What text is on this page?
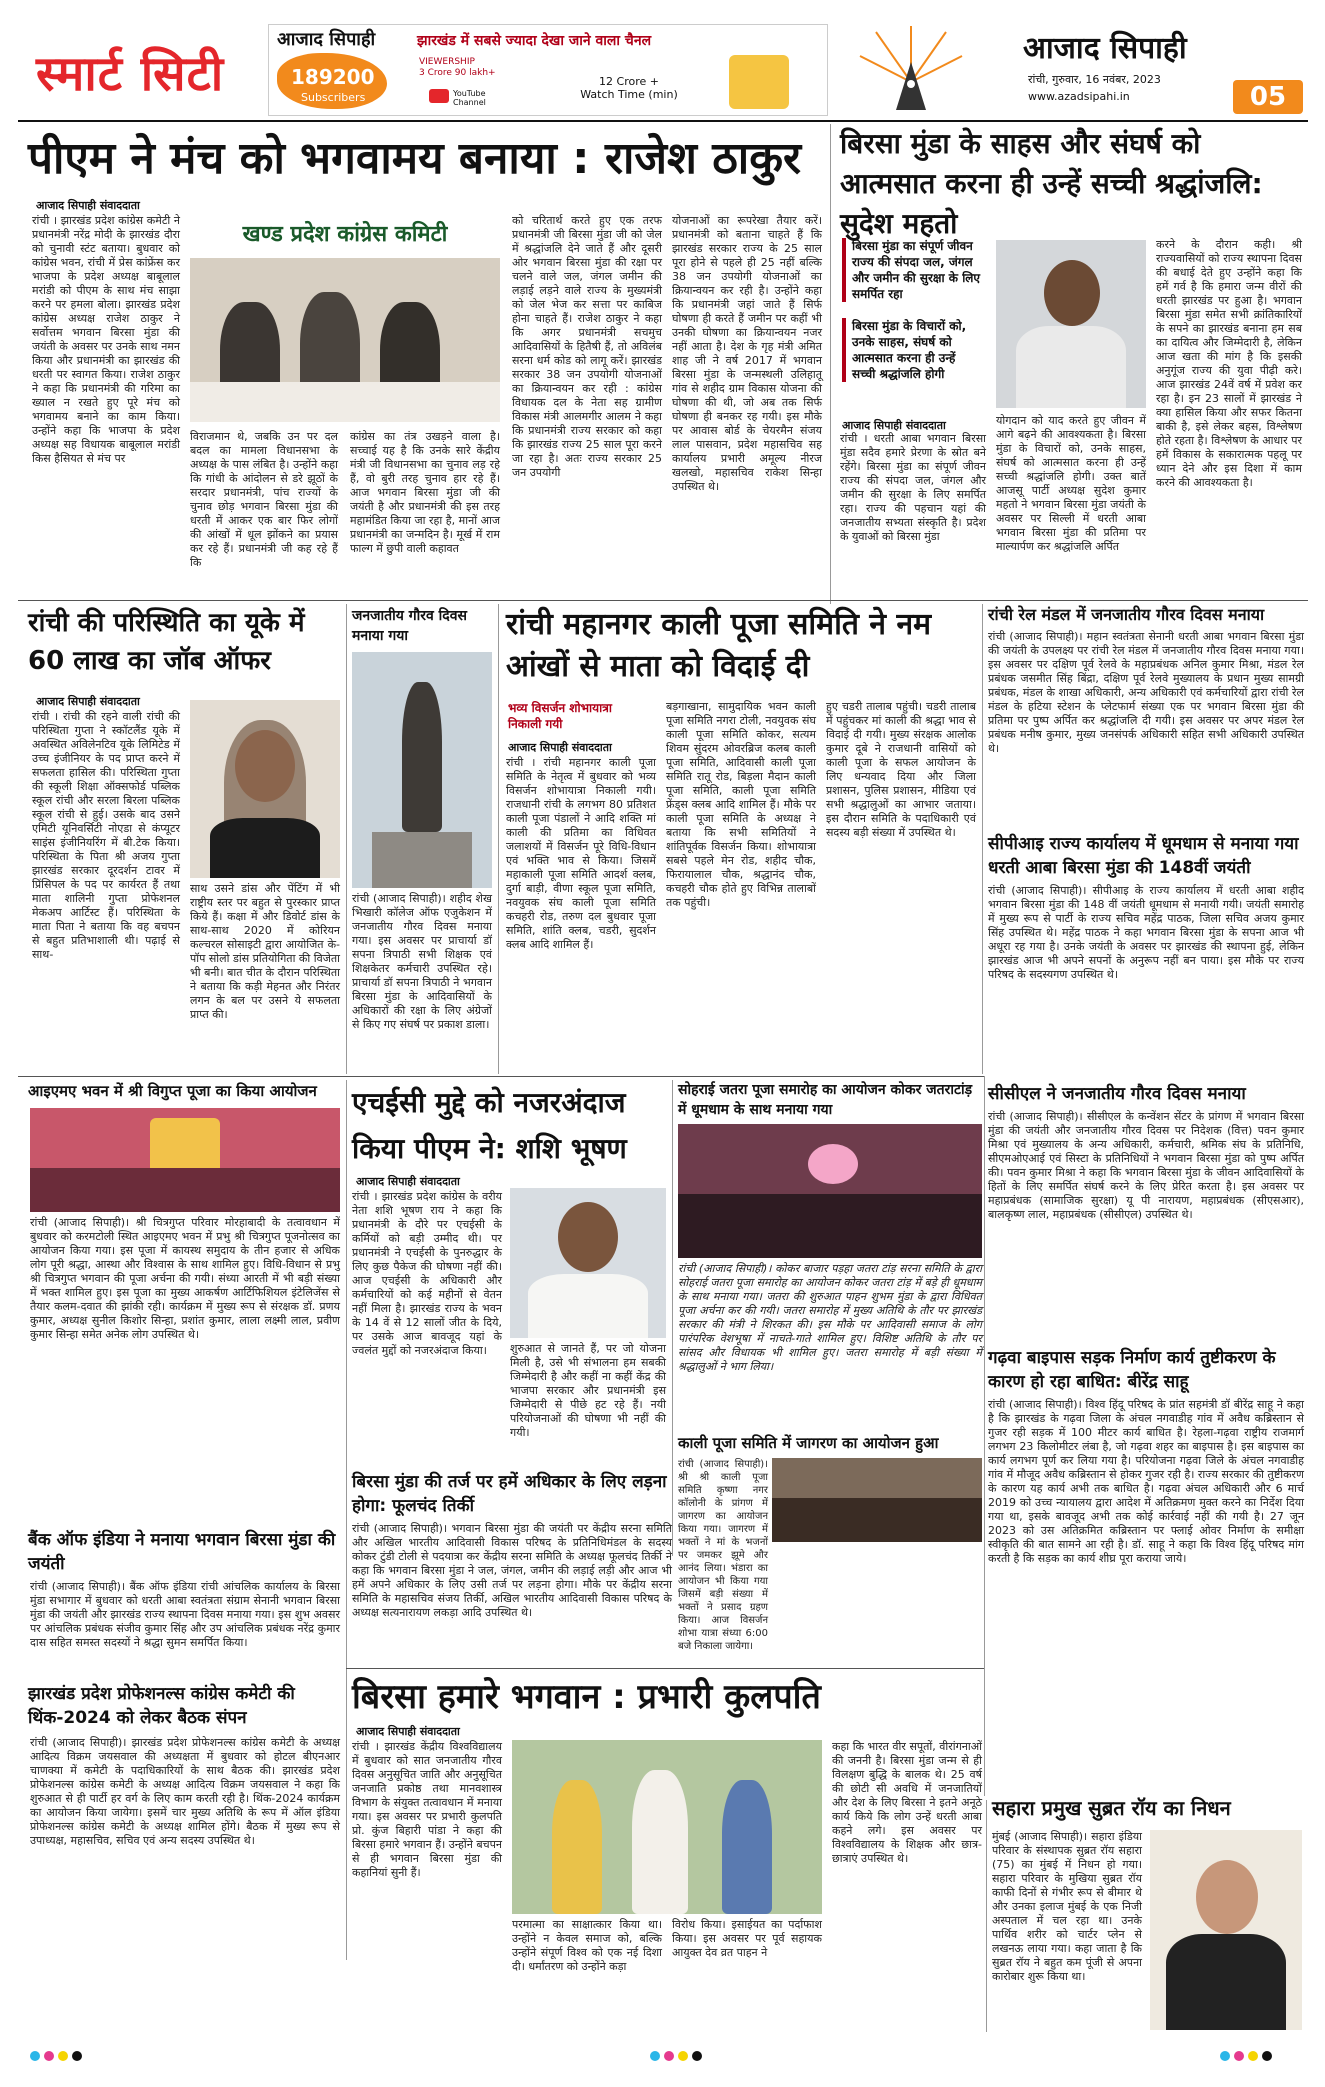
स्मार्ट सिटी
आजाद सिपाही	झारखंड में सबसे ज्यादा देखा जाने वाला चैनल
189200
Subscribers
VIEWERSHIP
3 Crore 90 lakh+
12 Crore +
Watch Time (min)
YouTube Channel
आजाद सिपाही
रांची, गुरुवार, 16 नवंबर, 2023
www.azadsipahi.in	05
पीएम ने मंच को भगवामय बनाया : राजेश ठाकुर
आजाद सिपाही संवाददाता
रांची । झारखंड प्रदेश कांग्रेस कमेटी ने प्रधानमंत्री नरेंद्र मोदी के झारखंड दौरा को चुनावी स्टंट बताया। बुधवार को कांग्रेस भवन, रांची में प्रेस कांफ्रेंस कर भाजपा के प्रदेश अध्यक्ष बाबूलाल मरांडी को पीएम के साथ मंच साझा करने पर हमला बोला। झारखंड प्रदेश कांग्रेस अध्यक्ष राजेश ठाकुर ने सर्वोत्तम भगवान बिरसा मुंडा की जयंती के अवसर पर उनके साथ नमन किया और प्रधानमंत्री का झारखंड की धरती पर स्वागत किया। राजेश ठाकुर ने कहा कि प्रधानमंत्री की गरिमा का ख्याल न रखते हुए पूरे मंच को भगवामय बनाने का काम किया। उन्होंने कहा कि भाजपा के प्रदेश अध्यक्ष सह विधायक बाबूलाल मरांडी किस हैसियत से मंच पर
खण्ड प्रदेश कांग्रेस कमिटी
विराजमान थे, जबकि उन पर दल बदल का मामला विधानसभा के अध्यक्ष के पास लंबित है। उन्होंने कहा कि गांधी के आंदोलन से डरे झूठों के सरदार प्रधानमंत्री, पांच राज्यों के चुनाव छोड़ भगवान बिरसा मुंडा की धरती में आकर एक बार फिर लोगों की आंखों में धूल झोंकने का प्रयास कर रहे हैं। प्रधानमंत्री जी कह रहे हैं कि
कांग्रेस का तंत्र उखड़ने वाला है। सच्चाई यह है कि उनके सारे केंद्रीय मंत्री जी विधानसभा का चुनाव लड़ रहे हैं, वो बुरी तरह चुनाव हार रहे हैं। आज भगवान बिरसा मुंडा जी की जयंती है और प्रधानमंत्री की इस तरह महामंडित किया जा रहा है, मानों आज प्रधानमंत्री का जन्मदिन है। मूर्ख में राम फाल्ग में छुपी वाली कहावत
को चरितार्थ करते हुए एक तरफ प्रधानमंत्री जी बिरसा मुंडा जी को जेल में श्रद्धांजलि देने जाते हैं और दूसरी ओर भगवान बिरसा मुंडा की रक्षा पर चलने वाले जल, जंगल जमीन की लड़ाई लड़ने वाले राज्य के मुख्यमंत्री को जेल भेज कर सत्ता पर काबिज होना चाहते हैं। राजेश ठाकुर ने कहा कि अगर प्रधानमंत्री सचमुच आदिवासियों के हितैषी हैं, तो अविलंब सरना धर्म कोड को लागू करें। झारखंड सरकार 38 जन उपयोगी योजनाओं का क्रियान्वयन कर रही : कांग्रेस विधायक दल के नेता सह ग्रामीण विकास मंत्री आलमगीर आलम ने कहा कि प्रधानमंत्री राज्य सरकार को कहा कि झारखंड राज्य 25 साल पूरा करने जा रहा है। अतः राज्य सरकार 25 जन उपयोगी
योजनाओं का रूपरेखा तैयार करें। प्रधानमंत्री को बताना चाहते हैं कि झारखंड सरकार राज्य के 25 साल पूरा होने से पहले ही 25 नहीं बल्कि 38 जन उपयोगी योजनाओं का क्रियान्वयन कर रही है। उन्होंने कहा कि प्रधानमंत्री जहां जाते हैं सिर्फ घोषणा ही करते हैं जमीन पर कहीं भी उनकी घोषणा का क्रियान्वयन नजर नहीं आता है। देश के गृह मंत्री अमित शाह जी ने वर्ष 2017 में भगवान बिरसा मुंडा के जन्मस्थली उलिहातू गांव से शहीद ग्राम विकास योजना की घोषणा की थी, जो अब तक सिर्फ घोषणा ही बनकर रह गयी। इस मौके पर आवास बोर्ड के चेयरमैन संजय लाल पासवान, प्रदेश महासचिव सह कार्यालय प्रभारी अमूल्य नीरज खलखो, महासचिव राकेश सिन्हा उपस्थित थे।
बिरसा मुंडा के साहस और संघर्ष को आत्मसात करना ही उन्हें सच्ची श्रद्धांजलि: सुदेश महतो
बिरसा मुंडा का संपूर्ण जीवन राज्य की संपदा जल, जंगल और जमीन की सुरक्षा के लिए समर्पित रहा
बिरसा मुंडा के विचारों को, उनके साहस, संघर्ष को आत्मसात करना ही उन्हें सच्ची श्रद्धांजलि होगी
आजाद सिपाही संवाददाता
रांची । धरती आबा भगवान बिरसा मुंडा सदैव हमारे प्रेरणा के स्रोत बने रहेंगे। बिरसा मुंडा का संपूर्ण जीवन राज्य की संपदा जल, जंगल और जमीन की सुरक्षा के लिए समर्पित रहा। राज्य की पहचान यहां की जनजातीय सभ्यता संस्कृति है। प्रदेश के युवाओं को बिरसा मुंडा
योगदान को याद करते हुए जीवन में आगे बढ़ने की आवश्यकता है। बिरसा मुंडा के विचारों को, उनके साहस, संघर्ष को आत्मसात करना ही उन्हें सच्ची श्रद्धांजलि होगी। उक्त बातें आजसू पार्टी अध्यक्ष सुदेश कुमार महतो ने भगवान बिरसा मुंडा जयंती के अवसर पर सिल्ली में धरती आबा भगवान बिरसा मुंडा की प्रतिमा पर माल्यार्पण कर श्रद्धांजलि अर्पित
करने के दौरान कही। श्री राज्यवासियों को राज्य स्थापना दिवस की बधाई देते हुए उन्होंने कहा कि हमें गर्व है कि हमारा जन्म वीरों की धरती झारखंड पर हुआ है। भगवान बिरसा मुंडा समेत सभी क्रांतिकारियों के सपने का झारखंड बनाना हम सब का दायित्व और जिम्मेदारी है, लेकिन आज खता की मांग है कि इसकी अनुगूंज राज्य की युवा पीढ़ी करे। आज झारखंड 24वें वर्ष में प्रवेश कर रहा है। इन 23 सालों में झारखंड ने क्या हासिल किया और सफर कितना बाकी है, इसे लेकर बहस, विश्लेषण होते रहता है। विश्लेषण के आधार पर हमें विकास के सकारात्मक पहलू पर ध्यान देने और इस दिशा में काम करने की आवश्यकता है।
रांची की परिस्थिति का यूके में 60 लाख का जॉब ऑफर
आजाद सिपाही संवाददाता
रांची । रांची की रहने वाली रांची की परिस्थिता गुप्ता ने स्कॉटलैंड यूके में अवस्थित अविलेनटिव यूके लिमिटेड में उच्च इंजीनियर के पद प्राप्त करने में सफलता हासिल की। परिस्थिता गुप्ता की स्कूली शिक्षा ऑक्सफोर्ड पब्लिक स्कूल रांची और सरला बिरला पब्लिक स्कूल रांची से हुई। उसके बाद उसने एमिटी यूनिवर्सिटी नोएडा से कंप्यूटर साइंस इंजीनियरिंग में बी.टेक किया। परिस्थिता के पिता श्री अजय गुप्ता झारखंड सरकार दूरदर्शन टावर में प्रिंसिपल के पद पर कार्यरत हैं तथा माता शालिनी गुप्ता प्रोफेशनल मेकअप आर्टिस्ट हैं। परिस्थिता के माता पिता ने बताया कि वह बचपन से बहुत प्रतिभाशाली थी। पढ़ाई से साथ-
साथ उसने डांस और पेंटिंग में भी राष्ट्रीय स्तर पर बहुत से पुरस्कार प्राप्त किये हैं। कक्षा में और डिवोर्ट डांस के साथ-साथ 2020 में कोरियन कल्चरल सोसाइटी द्वारा आयोजित के-पॉप सोलो डांस प्रतियोगिता की विजेता भी बनी। बात चीत के दौरान परिस्थिता ने बताया कि कड़ी मेहनत और निरंतर लगन के बल पर उसने ये सफलता प्राप्त की।
जनजातीय गौरव दिवस मनाया गया
रांची (आजाद सिपाही)। शहीद शेख भिखारी कॉलेज ऑफ एजुकेशन में जनजातीय गौरव दिवस मनाया गया। इस अवसर पर प्राचार्या डॉ सपना त्रिपाठी सभी शिक्षक एवं शिक्षकेतर कर्मचारी उपस्थित रहे। प्राचार्या डॉ सपना त्रिपाठी ने भगवान बिरसा मुंडा के आदिवासियों के अधिकारों की रक्षा के लिए अंग्रेजों से किए गए संघर्ष पर प्रकाश डाला।
रांची महानगर काली पूजा समिति ने नम आंखों से माता को विदाई दी
भव्य विसर्जन शोभायात्रा निकाली गयी
आजाद सिपाही संवाददाता
रांची । रांची महानगर काली पूजा समिति के नेतृत्व में बुधवार को भव्य विसर्जन शोभायात्रा निकाली गयी। राजधानी रांची के लगभग 80 प्रतिशत काली पूजा पंडालों ने आदि शक्ति मां काली की प्रतिमा का विधिवत जलाशयों में विसर्जन पूरे विधि-विधान एवं भक्ति भाव से किया। जिसमें महाकाली पूजा समिति आदर्श क्लब, दुर्गा बाड़ी, वीणा स्कूल पूजा समिति, नवयुवक संघ काली पूजा समिति कचहरी रोड, तरुण दल बुधवार पूजा समिति, शांति क्लब, चडरी, सुदर्शन क्लब आदि शामिल हैं।
बड़गाखाना, सामुदायिक भवन काली पूजा समिति नगरा टोली, नवयुवक संघ काली पूजा समिति कोकर, सत्यम शिवम सुंदरम ओवरब्रिज कलब काली पूजा समिति, आदिवासी काली पूजा समिति रातू रोड, बिड़ला मैदान काली पूजा समिति, काली पूजा समिति फ्रेंड्स क्लब आदि शामिल हैं। मौके पर काली पूजा समिति के अध्यक्ष ने बताया कि सभी समितियों ने शांतिपूर्वक विसर्जन किया। शोभायात्रा सबसे पहले मेन रोड, शहीद चौक, फिरायालाल चौक, श्रद्धानंद चौक, कचहरी चौक होते हुए विभिन्न तालाबों तक पहुंची।
हुए चडरी तालाब पहुंची। चडरी तालाब में पहुंचकर मां काली की श्रद्धा भाव से विदाई दी गयी। मुख्य संरक्षक आलोक कुमार दूबे ने राजधानी वासियों को काली पूजा के सफल आयोजन के लिए धन्यवाद दिया और जिला प्रशासन, पुलिस प्रशासन, मीडिया एवं सभी श्रद्धालुओं का आभार जताया। इस दौरान समिति के पदाधिकारी एवं सदस्य बड़ी संख्या में उपस्थित थे।
रांची रेल मंडल में जनजातीय गौरव दिवस मनाया
रांची (आजाद सिपाही)। महान स्वतंत्रता सेनानी धरती आबा भगवान बिरसा मुंडा की जयंती के उपलक्ष्य पर रांची रेल मंडल में जनजातीय गौरव दिवस मनाया गया। इस अवसर पर दक्षिण पूर्व रेलवे के महाप्रबंधक अनिल कुमार मिश्रा, मंडल रेल प्रबंधक जसमीत सिंह बिंद्रा, दक्षिण पूर्व रेलवे मुख्यालय के प्रधान मुख्य सामग्री प्रबंधक, मंडल के शाखा अधिकारी, अन्य अधिकारी एवं कर्मचारियों द्वारा रांची रेल मंडल के हटिया स्टेशन के प्लेटफार्म संख्या एक पर भगवान बिरसा मुंडा की प्रतिमा पर पुष्प अर्पित कर श्रद्धांजलि दी गयी। इस अवसर पर अपर मंडल रेल प्रबंधक मनीष कुमार, मुख्य जनसंपर्क अधिकारी सहित सभी अधिकारी उपस्थित थे।
सीपीआइ राज्य कार्यालय में धूमधाम से मनाया गया धरती आबा बिरसा मुंडा की 148वीं जयंती
रांची (आजाद सिपाही)। सीपीआइ के राज्य कार्यालय में धरती आबा शहीद भगवान बिरसा मुंडा की 148 वीं जयंती धूमधाम से मनायी गयी। जयंती समारोह में मुख्य रूप से पार्टी के राज्य सचिव महेंद्र पाठक, जिला सचिव अजय कुमार सिंह उपस्थित थे। महेंद्र पाठक ने कहा भगवान बिरसा मुंडा के सपना आज भी अधूरा रह गया है। उनके जयंती के अवसर पर झारखंड की स्थापना हुई, लेकिन झारखंड आज भी अपने सपनों के अनुरूप नहीं बन पाया। इस मौके पर राज्य परिषद के सदस्यगण उपस्थित थे।
आइएमए भवन में श्री विगुप्त पूजा का किया आयोजन
रांची (आजाद सिपाही)। श्री चित्रगुप्त परिवार मोरहाबादी के तत्वावधान में बुधवार को करमटोली स्थित आइएमए भवन में प्रभु श्री चित्रगुप्त पूजनोत्सव का आयोजन किया गया। इस पूजा में कायस्थ समुदाय के तीन हजार से अधिक लोग पूरी श्रद्धा, आस्था और विश्वास के साथ शामिल हुए। विधि-विधान से प्रभु श्री चित्रगुप्त भगवान की पूजा अर्चना की गयी। संध्या आरती में भी बड़ी संख्या में भक्त शामिल हुए। इस पूजा का मुख्य आकर्षण आर्टिफिशियल इंटेलिजेंस से तैयार कलम-दवात की झांकी रही। कार्यक्रम में मुख्य रूप से संरक्षक डॉ. प्रणय कुमार, अध्यक्ष सुनील किशोर सिन्हा, प्रशांत कुमार, लाला लक्ष्मी लाल, प्रवीण कुमार सिन्हा समेत अनेक लोग उपस्थित थे।
एचईसी मुद्दे को नजरअंदाज किया पीएम ने: शशि भूषण
आजाद सिपाही संवाददाता
रांची । झारखंड प्रदेश कांग्रेस के वरीय नेता शशि भूषण राय ने कहा कि प्रधानमंत्री के दौरे पर एचईसी के कर्मियों को बड़ी उम्मीद थी। पर प्रधानमंत्री ने एचईसी के पुनरुद्धार के लिए कुछ पैकेज की घोषणा नहीं की। आज एचईसी के अधिकारी और कर्मचारियों को कई महीनों से वेतन नहीं मिला है। झारखंड राज्य के भवन के 14 वें से 12 सालों जीत के दिये, पर उसके आज बावजूद यहां के ज्वलंत मुद्दों को नजरअंदाज किया।	शुरुआत से जानते हैं, पर जो योजना मिली है, उसे भी संभालना हम सबकी जिम्मेदारी है और कहीं ना कहीं केंद्र की भाजपा सरकार और प्रधानमंत्री इस जिम्मेदारी से पीछे हट रहे हैं। नयी परियोजनाओं की घोषणा भी नहीं की गयी।
सोहराई जतरा पूजा समारोह का आयोजन कोकर जतराटांड़ में धूमधाम के साथ मनाया गया
रांची (आजाद सिपाही)। कोकर बाजार पड़हा जतरा टांड़ सरना समिति के द्वारा सोहराई जतरा पूजा समारोह का आयोजन कोकर जतरा टांड़ में बड़े ही धूमधाम के साथ मनाया गया। जतरा की शुरुआत पाहन शुभम मुंडा के द्वारा विधिवत पूजा अर्चना कर की गयी। जतरा समारोह में मुख्य अतिथि के तौर पर झारखंड सरकार की मंत्री ने शिरकत की। इस मौके पर आदिवासी समाज के लोग पारंपरिक वेशभूषा में नाचते-गाते शामिल हुए। विशिष्ट अतिथि के तौर पर सांसद और विधायक भी शामिल हुए। जतरा समारोह में बड़ी संख्या में श्रद्धालुओं ने भाग लिया।
काली पूजा समिति में जागरण का आयोजन हुआ
रांची (आजाद सिपाही)। श्री श्री काली पूजा समिति कृष्णा नगर कॉलोनी के प्रांगण में जागरण का आयोजन किया गया। जागरण में भक्तों ने मां के भजनों पर जमकर झूमे और आनंद लिया। भंडारा का आयोजन भी किया गया जिसमें बड़ी संख्या में भक्तों ने प्रसाद ग्रहण किया। आज विसर्जन शोभा यात्रा संध्या 6:00 बजे निकाला जायेगा।
सीसीएल ने जनजातीय गौरव दिवस मनाया
रांची (आजाद सिपाही)। सीसीएल के कन्वेंशन सेंटर के प्रांगण में भगवान बिरसा मुंडा की जयंती और जनजातीय गौरव दिवस पर निदेशक (वित्त) पवन कुमार मिश्रा एवं मुख्यालय के अन्य अधिकारी, कर्मचारी, श्रमिक संघ के प्रतिनिधि, सीएमओएआई एवं सिस्टा के प्रतिनिधियों ने भगवान बिरसा मुंडा को पुष्प अर्पित की। पवन कुमार मिश्रा ने कहा कि भगवान बिरसा मुंडा के जीवन आदिवासियों के हितों के लिए समर्पित संघर्ष करने के लिए प्रेरित करता है। इस अवसर पर महाप्रबंधक (सामाजिक सुरक्षा) यू पी नारायण, महाप्रबंधक (सीएसआर), बालकृष्ण लाल, महाप्रबंधक (सीसीएल) उपस्थित थे।
गढ़वा बाइपास सड़क निर्माण कार्य तुष्टीकरण के कारण हो रहा बाधित: बीरेंद्र साहू
रांची (आजाद सिपाही)। विश्व हिंदू परिषद के प्रांत सहमंत्री डॉ बीरेंद्र साहू ने कहा है कि झारखंड के गढ़वा जिला के अंचल नगवाडीह गांव में अवैध कब्रिस्तान से गुजर रही सड़क में 100 मीटर कार्य बाधित है। रेहला-गढ़वा राष्ट्रीय राजमार्ग लगभग 23 किलोमीटर लंबा है, जो गढ़वा शहर का बाइपास है। इस बाइपास का कार्य लगभग पूर्ण कर लिया गया है। परियोजना गढ़वा जिले के अंचल नगवाडीह गांव में मौजूद अवैध कब्रिस्तान से होकर गुजर रही है। राज्य सरकार की तुष्टीकरण के कारण यह कार्य अभी तक बाधित है। गढ़वा अंचल अधिकारी और 6 मार्च 2019 को उच्च न्यायालय द्वारा आदेश में अतिक्रमण मुक्त करने का निर्देश दिया गया था, इसके बावजूद अभी तक कोई कार्रवाई नहीं की गयी है। 27 जून 2023 को उस अतिक्रमित कब्रिस्तान पर फ्लाई ओवर निर्माण के समीक्षा स्वीकृति की बात सामने आ रही है। डॉ. साहू ने कहा कि विश्व हिंदू परिषद मांग करती है कि सड़क का कार्य शीघ्र पूरा कराया जाये।
बैंक ऑफ इंडिया ने मनाया भगवान बिरसा मुंडा की जयंती
रांची (आजाद सिपाही)। बैंक ऑफ इंडिया रांची आंचलिक कार्यालय के बिरसा मुंडा सभागार में बुधवार को धरती आबा स्वतंत्रता संग्राम सेनानी भगवान बिरसा मुंडा की जयंती और झारखंड राज्य स्थापना दिवस मनाया गया। इस शुभ अवसर पर आंचलिक प्रबंधक संजीव कुमार सिंह और उप आंचलिक प्रबंधक नरेंद्र कुमार दास सहित समस्त सदस्यों ने श्रद्धा सुमन समर्पित किया।
झारखंड प्रदेश प्रोफेशनल्स कांग्रेस कमेटी की थिंक-2024 को लेकर बैठक संपन
रांची (आजाद सिपाही)। झारखंड प्रदेश प्रोफेशनल्स कांग्रेस कमेटी के अध्यक्ष आदित्य विक्रम जयसवाल की अध्यक्षता में बुधवार को होटल बीएनआर चाणक्या में कमेटी के पदाधिकारियों के साथ बैठक की। झारखंड प्रदेश प्रोफेशनल्स कांग्रेस कमेटी के अध्यक्ष आदित्य विक्रम जयसवाल ने कहा कि शुरुआत से ही पार्टी हर वर्ग के लिए काम करती रही है। थिंक-2024 कार्यक्रम का आयोजन किया जायेगा। इसमें चार मुख्य अतिथि के रूप में ऑल इंडिया प्रोफेशनल्स कांग्रेस कमेटी के अध्यक्ष शामिल होंगे। बैठक में मुख्य रूप से उपाध्यक्ष, महासचिव, सचिव एवं अन्य सदस्य उपस्थित थे।
बिरसा मुंडा की तर्ज पर हमें अधिकार के लिए लड़ना होगा: फूलचंद तिर्की
रांची (आजाद सिपाही)। भगवान बिरसा मुंडा की जयंती पर केंद्रीय सरना समिति और अखिल भारतीय आदिवासी विकास परिषद के प्रतिनिधिमंडल के सदस्य कोकर टुंडी टोली से पदयात्रा कर केंद्रीय सरना समिति के अध्यक्ष फूलचंद तिर्की ने कहा कि भगवान बिरसा मुंडा ने जल, जंगल, जमीन की लड़ाई लड़ी और आज भी हमें अपने अधिकार के लिए उसी तर्ज पर लड़ना होगा। मौके पर केंद्रीय सरना समिति के महासचिव संजय तिर्की, अखिल भारतीय आदिवासी विकास परिषद के अध्यक्ष सत्यनारायण लकड़ा आदि उपस्थित थे।
बिरसा हमारे भगवान : प्रभारी कुलपति
आजाद सिपाही संवाददाता
रांची । झारखंड केंद्रीय विश्वविद्यालय में बुधवार को सात जनजातीय गौरव दिवस अनुसूचित जाति और अनुसूचित जनजाति प्रकोष्ठ तथा मानवशास्त्र विभाग के संयुक्त तत्वावधान में मनाया गया। इस अवसर पर प्रभारी कुलपति प्रो. कुंज बिहारी पांडा ने कहा की बिरसा हमारे भगवान हैं। उन्होंने बचपन से ही भगवान बिरसा मुंडा की कहानियां सुनी हैं।
परमात्मा का साक्षात्कार किया था। उन्होंने न केवल समाज को, बल्कि उन्होंने संपूर्ण विश्व को एक नई दिशा दी। धर्मांतरण को उन्होंने कड़ा
विरोध किया। इसाईयत का पर्दाफाश किया। इस अवसर पर पूर्व सहायक आयुक्त देव व्रत पाहन ने
कहा कि भारत वीर सपूतों, वीरांगनाओं की जननी है। बिरसा मुंडा जन्म से ही विलक्षण बुद्धि के बालक थे। 25 वर्ष की छोटी सी अवधि में जनजातियों और देश के लिए बिरसा ने इतने अनूठे कार्य किये कि लोग उन्हें धरती आबा कहने लगे। इस अवसर पर विश्वविद्यालय के शिक्षक और छात्र-छात्राएं उपस्थित थे।
सहारा प्रमुख सुब्रत रॉय का निधन
मुंबई (आजाद सिपाही)। सहारा इंडिया परिवार के संस्थापक सुब्रत रॉय सहारा (75) का मुंबई में निधन हो गया। सहारा परिवार के मुखिया सुब्रत रॉय काफी दिनों से गंभीर रूप से बीमार थे और उनका इलाज मुंबई के एक निजी अस्पताल में चल रहा था। उनके पार्थिव शरीर को चार्टर प्लेन से लखनऊ लाया गया। कहा जाता है कि सुब्रत रॉय ने बहुत कम पूंजी से अपना कारोबार शुरू किया था।
